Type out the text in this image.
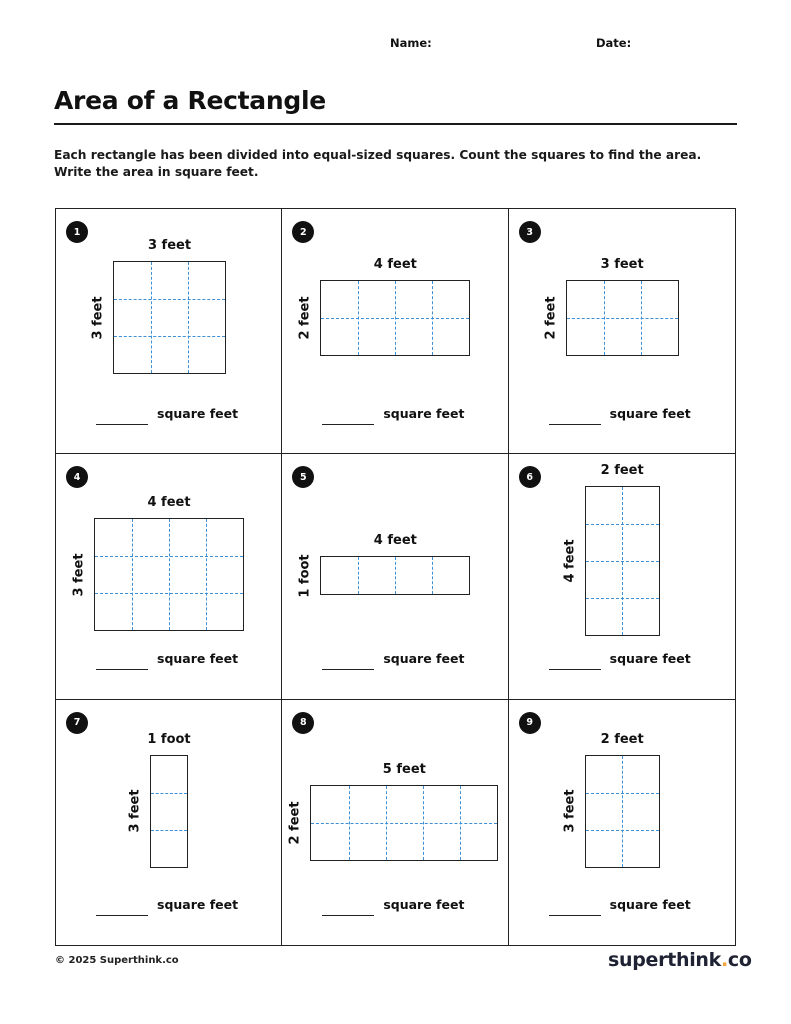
Name:	Date:
Area of a Rectangle
Each rectangle has been divided into equal-sized squares. Count the squares to find the area. Write the area in square feet.
1
3 feet
3 feet
square feet
2
4 feet
2 feet
square feet
3
3 feet
2 feet
square feet
4
4 feet
3 feet
square feet
5
4 feet
1 foot
square feet
6	2 feet
4 feet
square feet
7
1 foot
3 feet
square feet
8
5 feet
2 feet
square feet
9
2 feet
3 feet
square feet
© 2025 Superthink.co	superthink.co
